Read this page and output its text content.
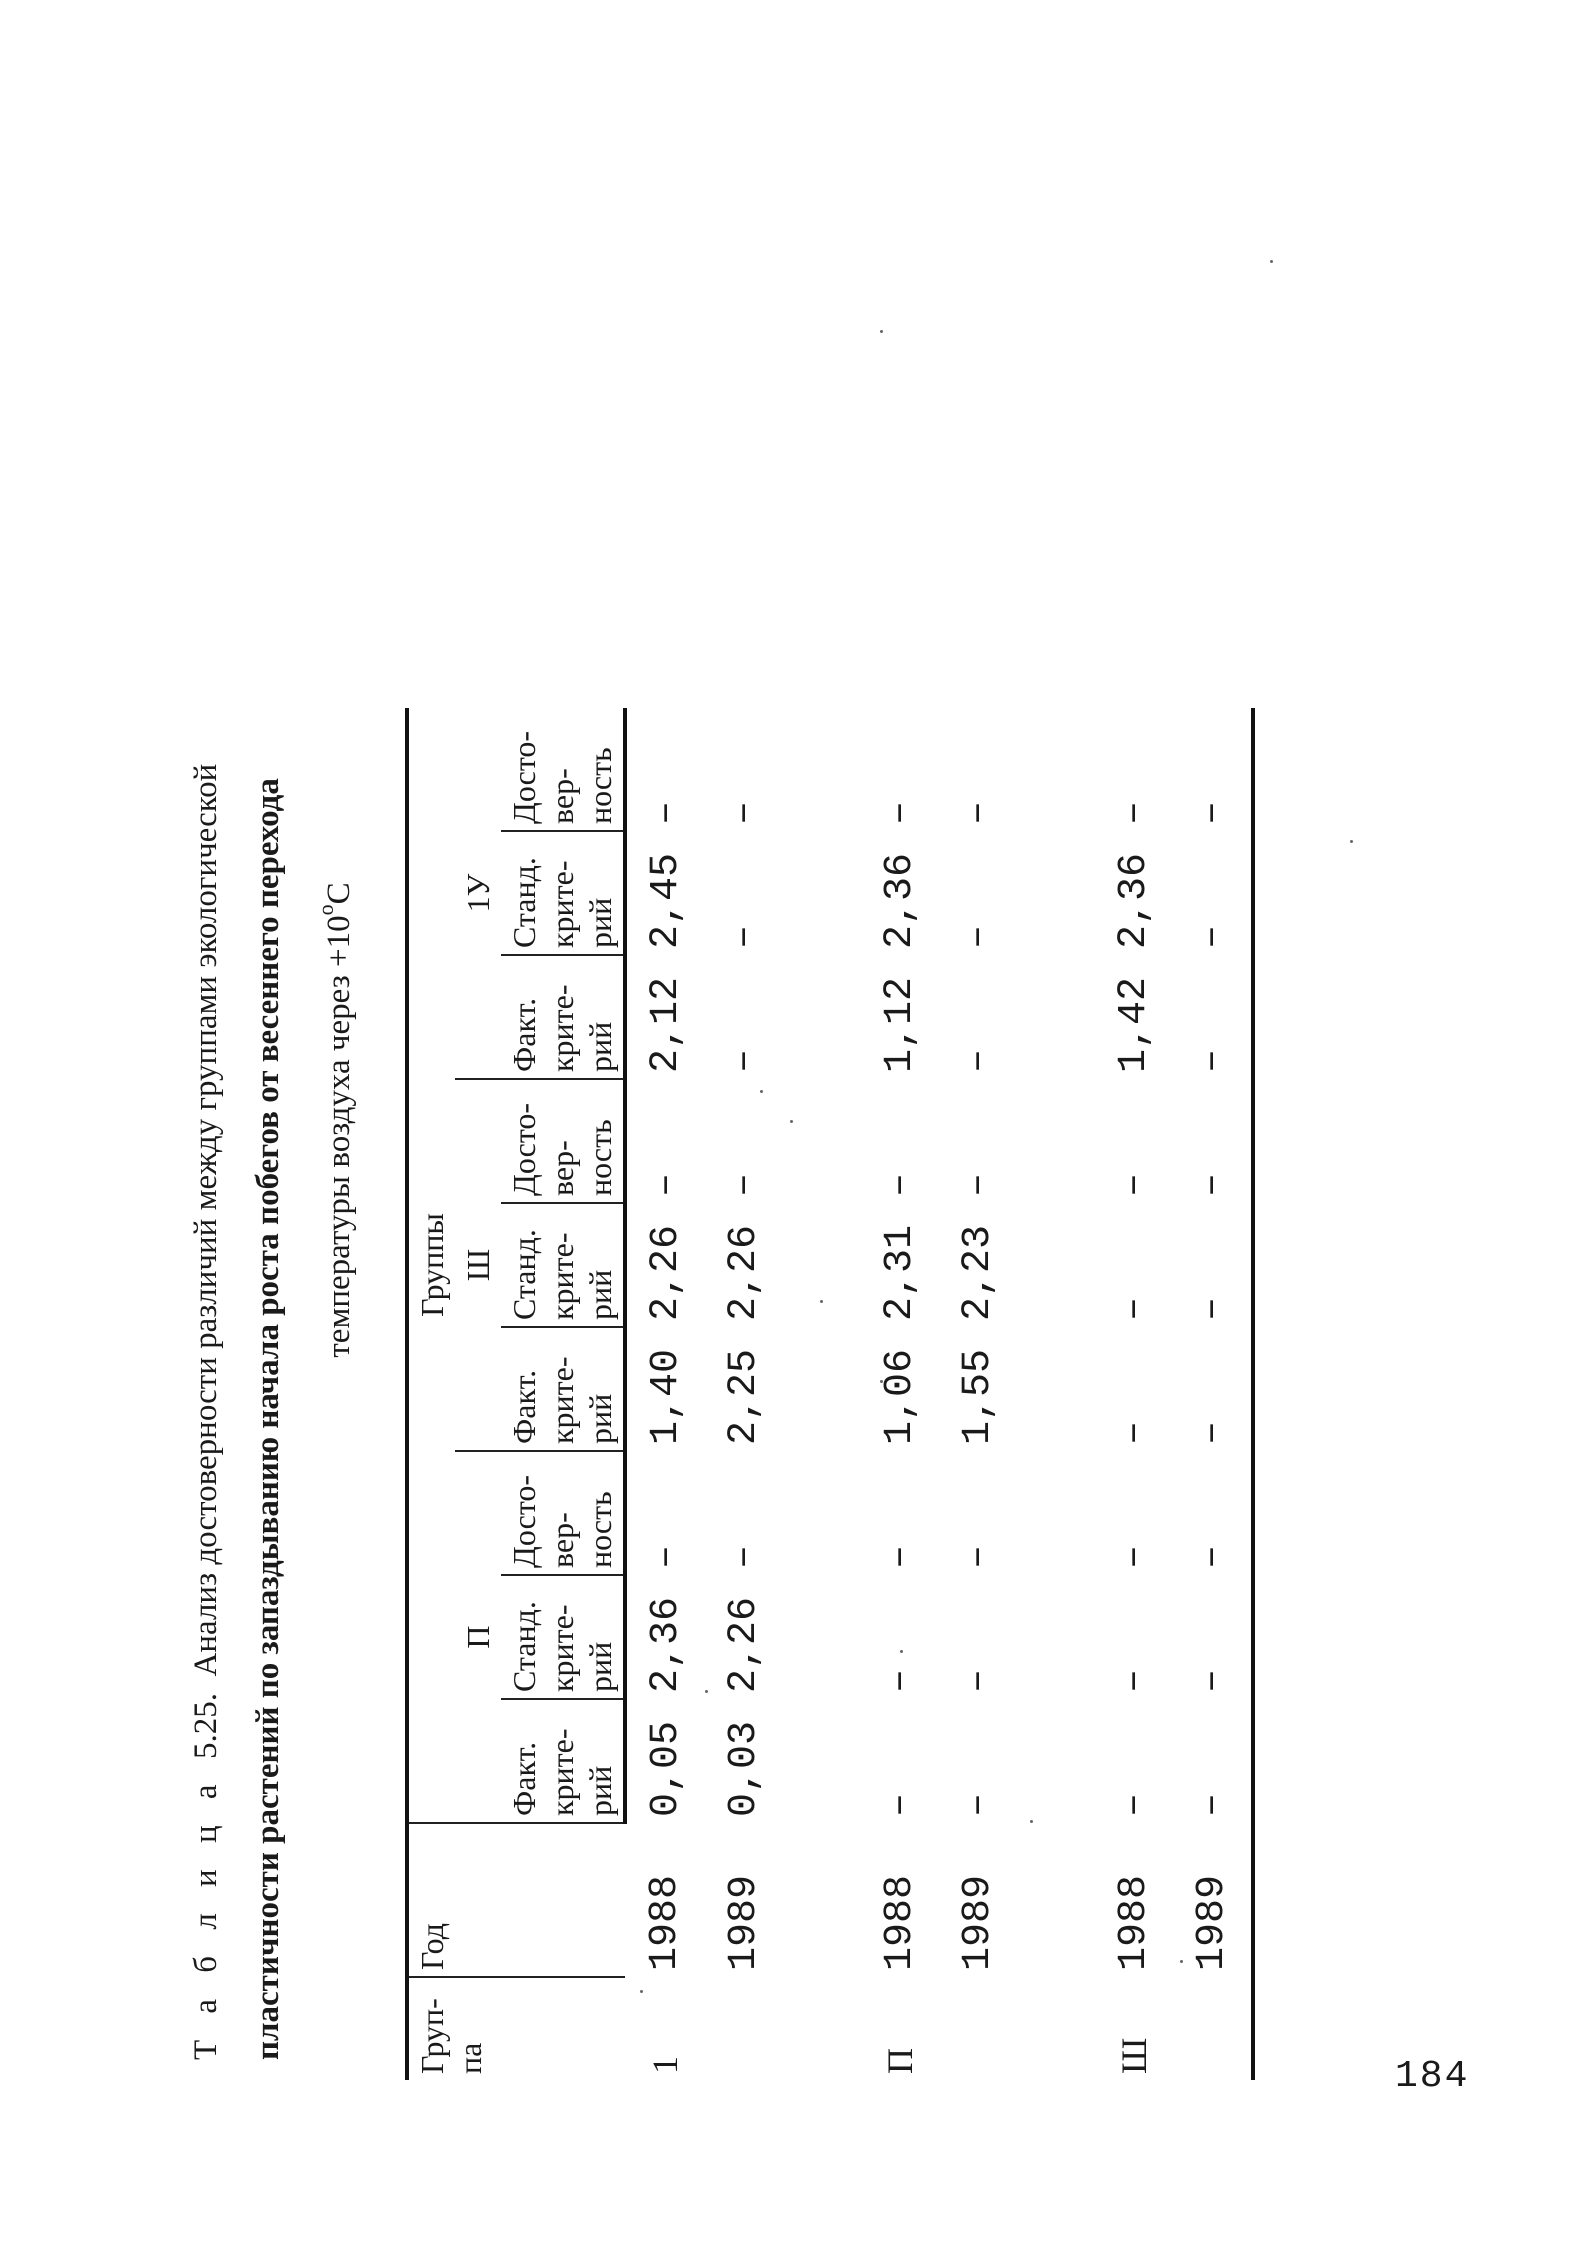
Т а б л и ц а  5.25.  Анализ достоверности различий между группами экологической пластичности растений по запаздыванию начала роста побегов от весеннего перехода	температуры воздуха через $+10^оС$
Груп-па	Год	Группы								
		П			Ш			1У		
		Факт. крите-рий	Станд. крите-рий	Досто-вер-ность	Факт. крите-рий	Станд. крите-рий	Досто-вер-ность	Факт. крите-рий	Станд. крите-рий	Досто-вер-ность
1	1988	0,05	2,36	–	1,40	2,26	–	2,12	2,45	–
	1989	0,03	2,26	–	2,25	2,26	–	–	–	–

П	1988	–	–	–	1,06	2,31	–	1,12	2,36	–
	1989	–	–	–	1,55	2,23	–	–	–	–

Ш	1988	–	–	–	–	–	–	1,42	2,36	–
	1989	–	–	–	–	–	–	–	–	–
184
